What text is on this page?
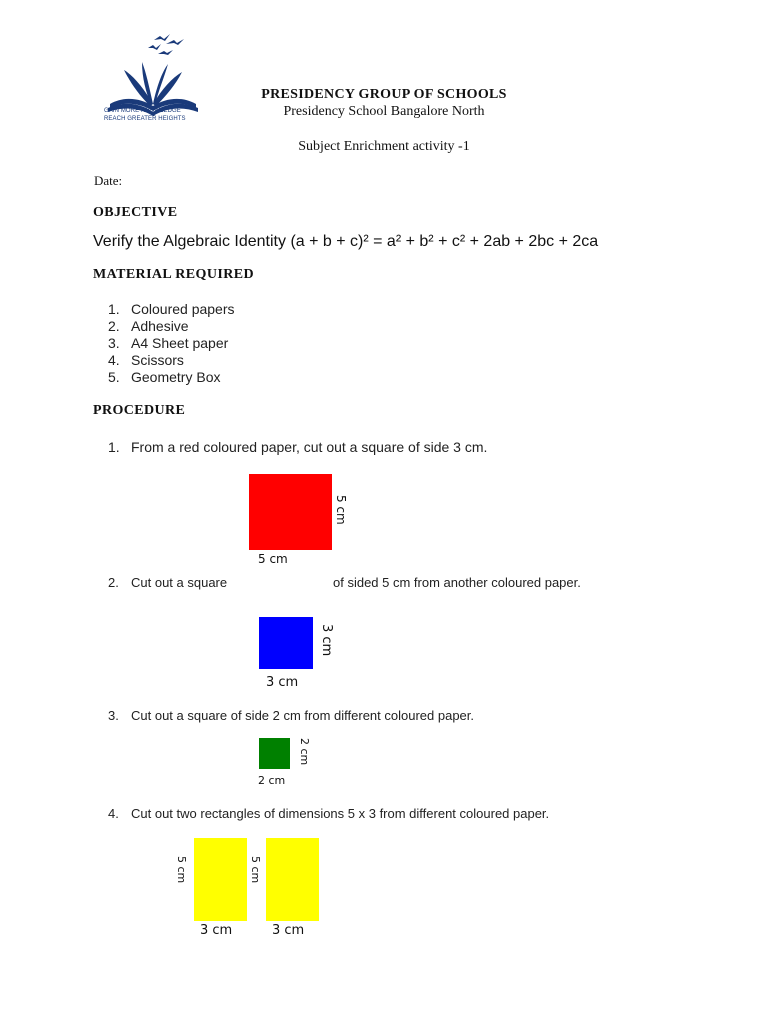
GAIN MORE KNOWLEDGE
REACH GREATER HEIGHTS
PRESIDENCY GROUP OF SCHOOLS
Presidency School Bangalore North
Subject Enrichment activity -1
Date:
OBJECTIVE
Verify the Algebraic Identity (a + b + c)² = a² + b² + c² + 2ab + 2bc + 2ca
MATERIAL REQUIRED
1. Coloured papers
2. Adhesive
3. A4 Sheet paper
4. Scissors
5. Geometry Box
PROCEDURE
1. From a red coloured paper, cut out a square of side 3 cm.
5 cm
5 cm
2. Cut out a square	of sided 5 cm from another coloured paper.
3 cm
3 cm
3. Cut out a square of side 2 cm from different coloured paper.
2 cm
2 cm
4. Cut out two rectangles of dimensions 5 x 3 from different coloured paper.
3 cm
5 cm
3 cm
5 cm
